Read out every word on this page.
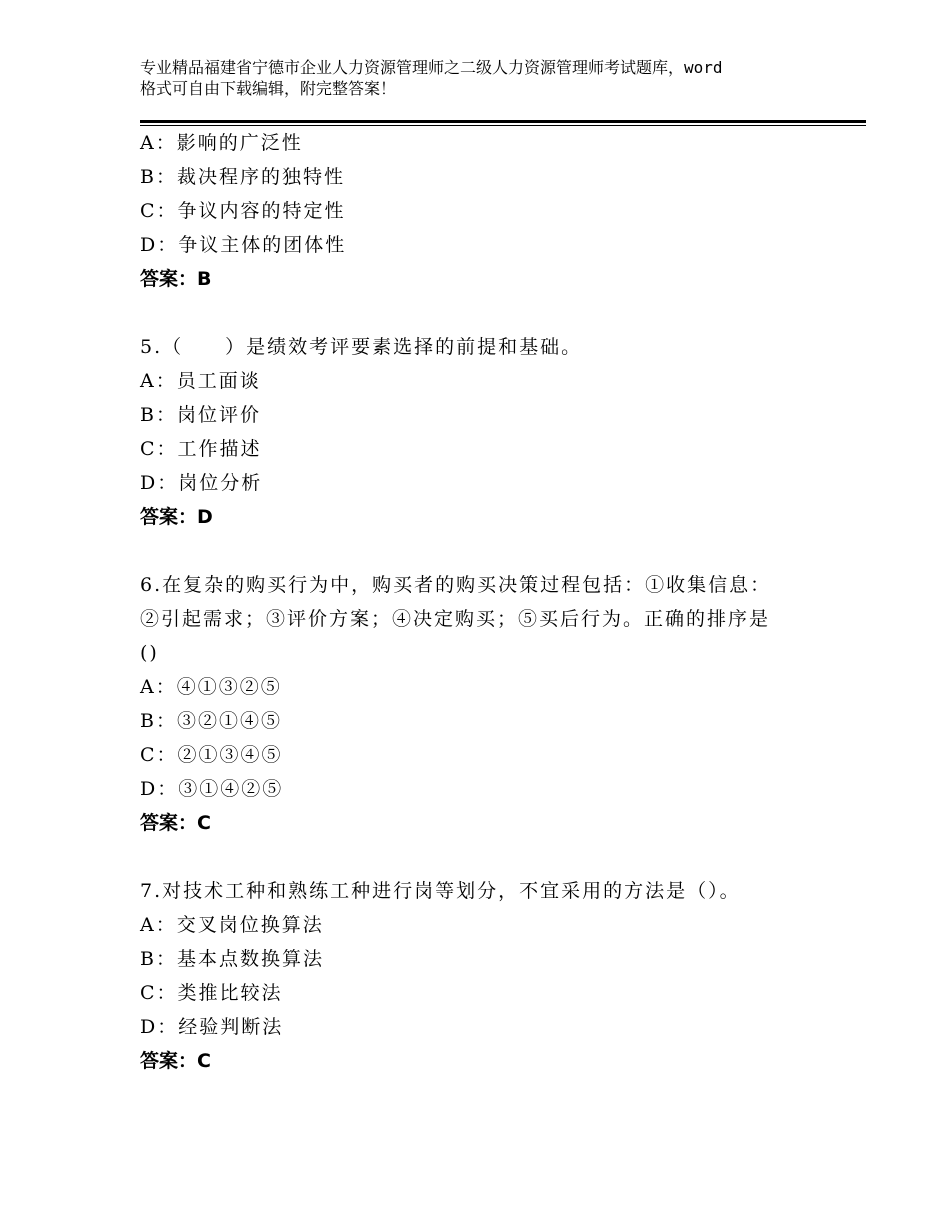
专业精品福建省宁德市企业人力资源管理师之二级人力资源管理师考试题库，word
格式可自由下载编辑，附完整答案！
A：影响的广泛性
B：裁决程序的独特性
C：争议内容的特定性
D：争议主体的团体性
答案：B
5.（　　）是绩效考评要素选择的前提和基础。
A：员工面谈
B：岗位评价
C：工作描述
D：岗位分析
答案：D
6.在复杂的购买行为中，购买者的购买决策过程包括：①收集信息：
②引起需求；③评价方案；④决定购买；⑤买后行为。正确的排序是
()
A：④①③②⑤
B：③②①④⑤
C：②①③④⑤
D：③①④②⑤
答案：C
7.对技术工种和熟练工种进行岗等划分，不宜采用的方法是（）。
A：交叉岗位换算法
B：基本点数换算法
C：类推比较法
D：经验判断法
答案：C
